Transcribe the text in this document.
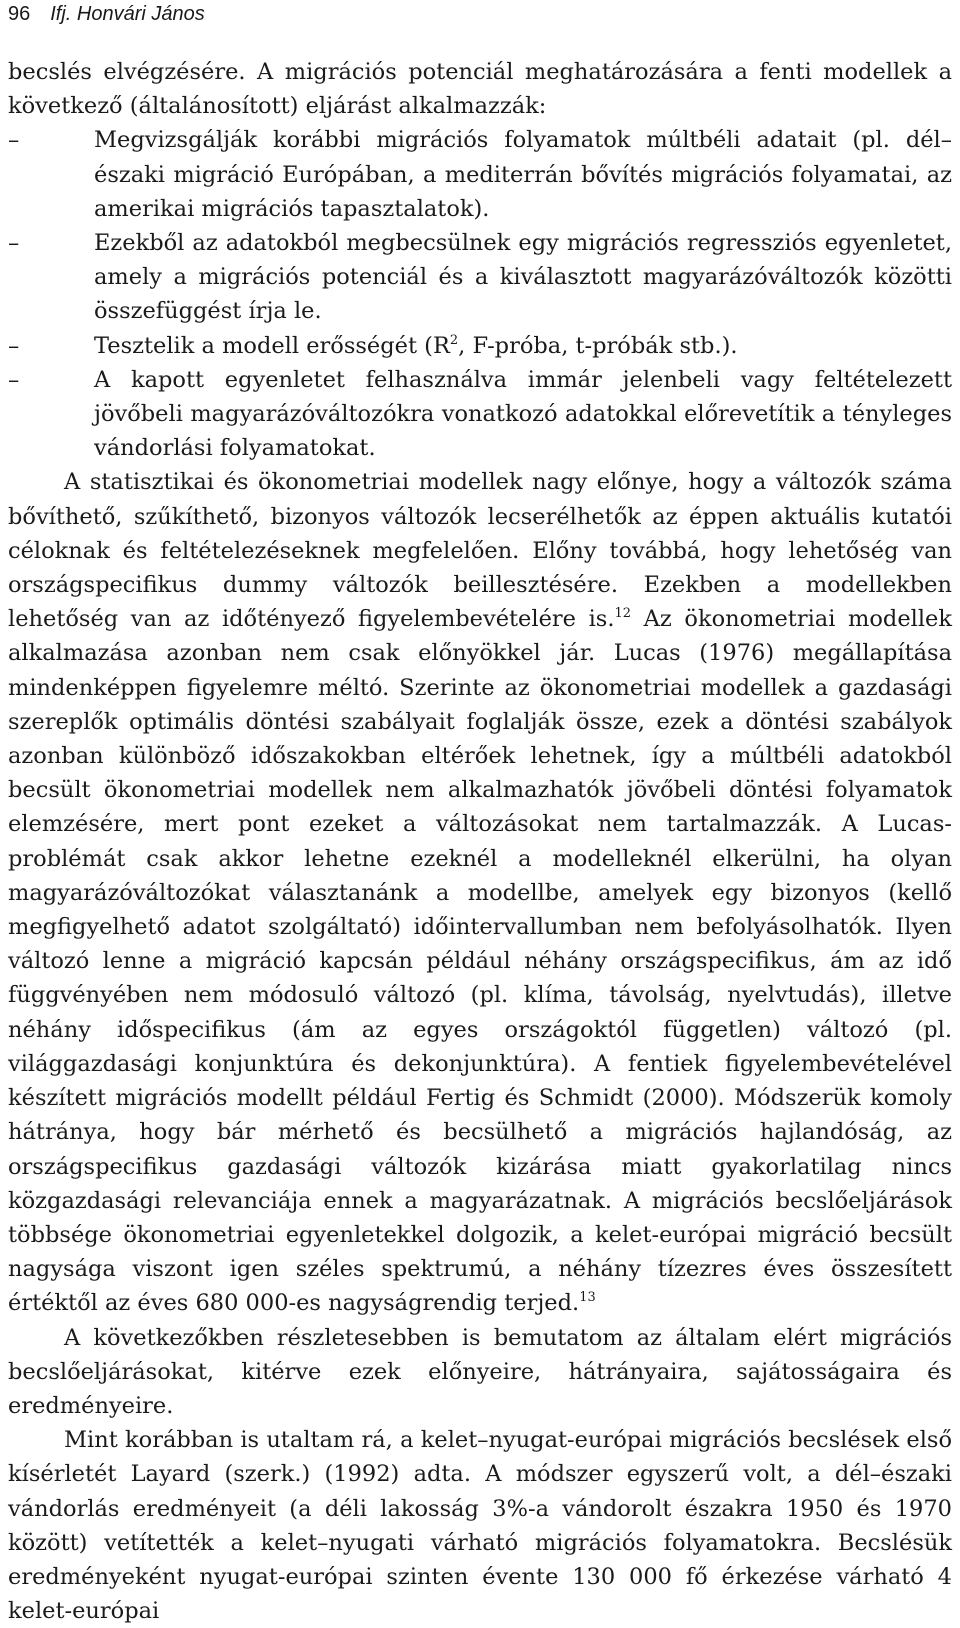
96 Ifj. Honvári János

becslés elvégzésére. A migrációs potenciál meghatározására a fenti modellek a következő (általánosított) eljárást alkalmazzák:

–	Megvizsgálják korábbi migrációs folyamatok múltbéli adatait (pl. dél–északi migráció Európában, a mediterrán bővítés migrációs folyamatai, az amerikai migrációs tapasztalatok).
–	Ezekből az adatokból megbecsülnek egy migrációs regressziós egyenletet, amely a migrációs potenciál és a kiválasztott magyarázóváltozók közötti összefüggést írja le.
–	Tesztelik a modell erősségét ($R^2$, F-próba, t-próbák stb.).
–	A kapott egyenletet felhasználva immár jelenbeli vagy feltételezett jövőbeli magyarázóváltozókra vonatkozó adatokkal előrevetítik a tényleges vándorlási folyamatokat.

A statisztikai és ökonometriai modellek nagy előnye, hogy a változók száma bővíthető, szűkíthető, bizonyos változók lecserélhetők az éppen aktuális kutatói céloknak és feltételezéseknek megfelelően. Előny továbbá, hogy lehetőség van országspecifikus dummy változók beillesztésére. Ezekben a modellekben lehetőség van az időtényező figyelembevételére is.$^{12}$ Az ökonometriai modellek alkalmazása azonban nem csak előnyökkel jár. Lucas (1976) megállapítása mindenképpen figyelemre méltó. Szerinte az ökonometriai modellek a gazdasági szereplők optimális döntési szabályait foglalják össze, ezek a döntési szabályok azonban különböző időszakokban eltérőek lehetnek, így a múltbéli adatokból becsült ökonometriai modellek nem alkalmazhatók jövőbeli döntési folyamatok elemzésére, mert pont ezeket a változásokat nem tartalmazzák. A Lucas-problémát csak akkor lehetne ezeknél a modelleknél elkerülni, ha olyan magyarázóváltozókat választanánk a modellbe, amelyek egy bizonyos (kellő megfigyelhető adatot szolgáltató) időintervallumban nem befolyásolhatók. Ilyen változó lenne a migráció kapcsán például néhány országspecifikus, ám az idő függvényében nem módosuló változó (pl. klíma, távolság, nyelvtudás), illetve néhány időspecifikus (ám az egyes országoktól független) változó (pl. világgazdasági konjunktúra és dekonjunktúra). A fentiek figyelembevételével készített migrációs modellt például Fertig és Schmidt (2000). Módszerük komoly hátránya, hogy bár mérhető és becsülhető a migrációs hajlandóság, az országspecifikus gazdasági változók kizárása miatt gyakorlatilag nincs közgazdasági relevanciája ennek a magyarázatnak. A migrációs becslőeljárások többsége ökonometriai egyenletekkel dolgozik, a kelet-európai migráció becsült nagysága viszont igen széles spektrumú, a néhány tízezres éves összesített értéktől az éves 680 000-es nagyságrendig terjed.$^{13}$

A következőkben részletesebben is bemutatom az általam elért migrációs becslőeljárásokat, kitérve ezek előnyeire, hátrányaira, sajátosságaira és eredményeire.

Mint korábban is utaltam rá, a kelet–nyugat-európai migrációs becslések első kísérletét Layard (szerk.) (1992) adta. A módszer egyszerű volt, a dél–északi vándorlás eredményeit (a déli lakosság 3%-a vándorolt északra 1950 és 1970 között) vetítették a kelet–nyugati várható migrációs folyamatokra. Becslésük eredményeként nyugat-európai szinten évente 130 000 fő érkezése várható 4 kelet-európai
